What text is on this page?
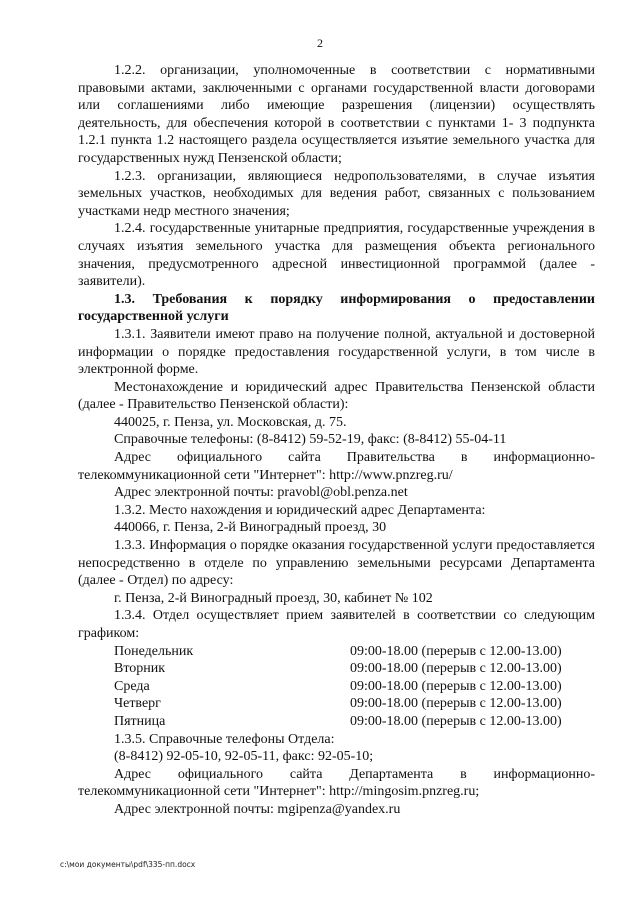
2

1.2.2. организации, уполномоченные в соответствии с нормативными правовыми актами, заключенными с органами государственной власти договорами или соглашениями либо имеющие разрешения (лицензии) осуществлять деятельность, для обеспечения которой в соответствии с пунктами 1- 3 подпункта 1.2.1 пункта 1.2 настоящего раздела осуществляется изъятие земельного участка для государственных нужд Пензенской области;

1.2.3. организации, являющиеся недропользователями, в случае изъятия земельных участков, необходимых для ведения работ, связанных с пользованием участками недр местного значения;

1.2.4. государственные унитарные предприятия, государственные учреждения в случаях изъятия земельного участка для размещения объекта регионального значения, предусмотренного адресной инвестиционной программой (далее - заявители).

1.3. Требования к порядку информирования о предоставлении государственной услуги

1.3.1. Заявители имеют право на получение полной, актуальной и достоверной информации о порядке предоставления государственной услуги, в том числе в электронной форме.

Местонахождение и юридический адрес Правительства Пензенской области (далее - Правительство Пензенской области):

440025, г. Пенза, ул. Московская, д. 75.

Справочные телефоны: (8-8412) 59-52-19, факс: (8-8412) 55-04-11

Адрес официального сайта Правительства в информационно-телекоммуникационной сети "Интернет": http://www.pnzreg.ru/

Адрес электронной почты: pravobl@obl.penza.net

1.3.2. Место нахождения и юридический адрес Департамента:

440066, г. Пенза, 2-й Виноградный проезд, 30

1.3.3. Информация о порядке оказания государственной услуги предоставляется непосредственно в отделе по управлению земельными ресурсами Департамента (далее - Отдел) по адресу:

г. Пенза, 2-й Виноградный проезд, 30, кабинет № 102

1.3.4. Отдел осуществляет прием заявителей в соответствии со следующим графиком:

Понедельник	09:00-18.00 (перерыв с 12.00-13.00)
Вторник	09:00-18.00 (перерыв с 12.00-13.00)
Среда	09:00-18.00 (перерыв с 12.00-13.00)
Четверг	09:00-18.00 (перерыв с 12.00-13.00)
Пятница	09:00-18.00 (перерыв с 12.00-13.00)

1.3.5. Справочные телефоны Отдела:

(8-8412) 92-05-10, 92-05-11, факс: 92-05-10;

Адрес официального сайта Департамента в информационно-телекоммуникационной сети "Интернет": http://mingosim.pnzreg.ru;

Адрес электронной почты: mgipenza@yandex.ru

c:\мои документы\pdf\335-пп.docx
